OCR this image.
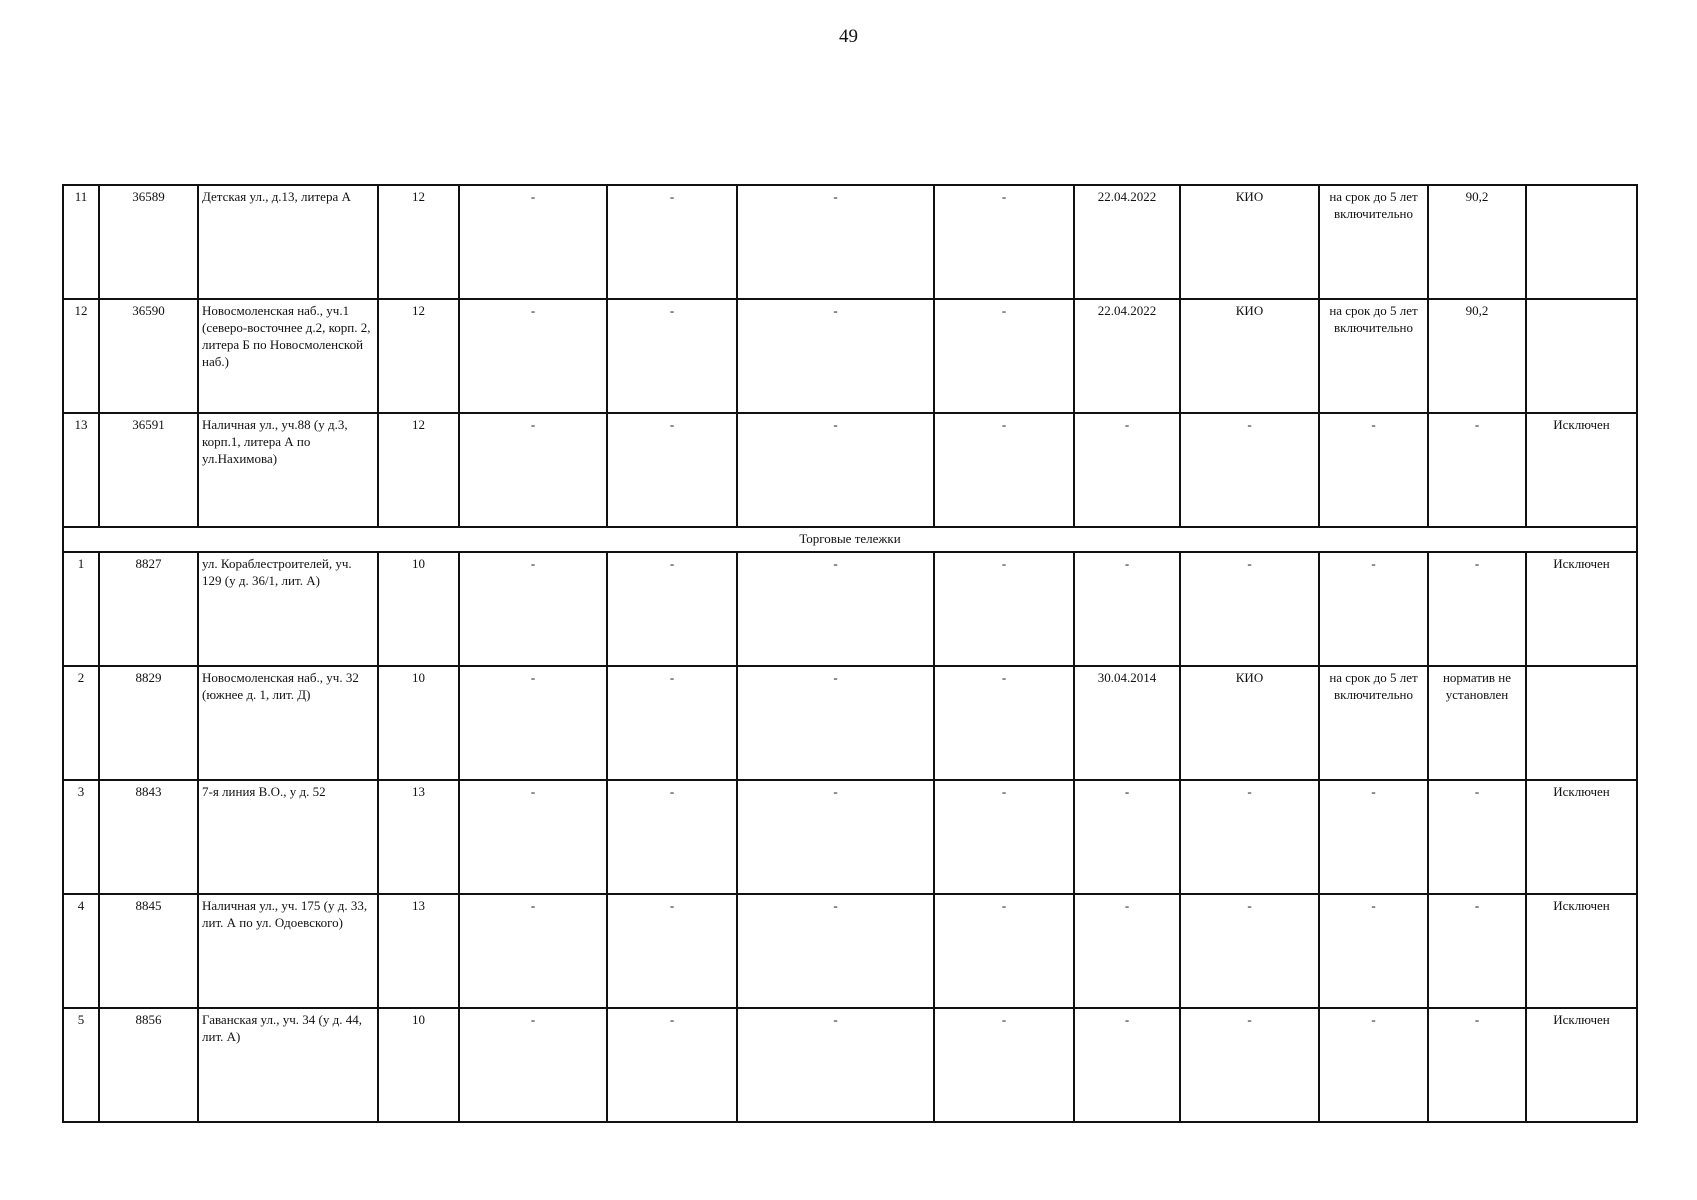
49
11	36589	Детская ул., д.13, литера А	12	-	-	-	-	22.04.2022	КИО	на срок до 5 лет включительно	90,2	
12	36590	Новосмоленская наб., уч.1 (северо-восточнее д.2, корп. 2, литера Б по Новосмоленской наб.)	12	-	-	-	-	22.04.2022	КИО	на срок до 5 лет включительно	90,2	
13	36591	Наличная ул., уч.88 (у д.3, корп.1, литера А по ул.Нахимова)	12	-	-	-	-	-	-	-	-	Исключен
Торговые тележки												
1	8827	ул. Кораблестроителей, уч. 129 (у д. 36/1, лит. А)	10	-	-	-	-	-	-	-	-	Исключен
2	8829	Новосмоленская наб., уч. 32 (южнее д. 1, лит. Д)	10	-	-	-	-	30.04.2014	КИО	на срок до 5 лет включительно	норматив не установлен	
3	8843	7-я линия В.О., у д. 52	13	-	-	-	-	-	-	-	-	Исключен
4	8845	Наличная ул., уч. 175 (у д. 33, лит. А по ул. Одоевского)	13	-	-	-	-	-	-	-	-	Исключен
5	8856	Гаванская ул., уч. 34 (у д. 44, лит. А)	10	-	-	-	-	-	-	-	-	Исключен
